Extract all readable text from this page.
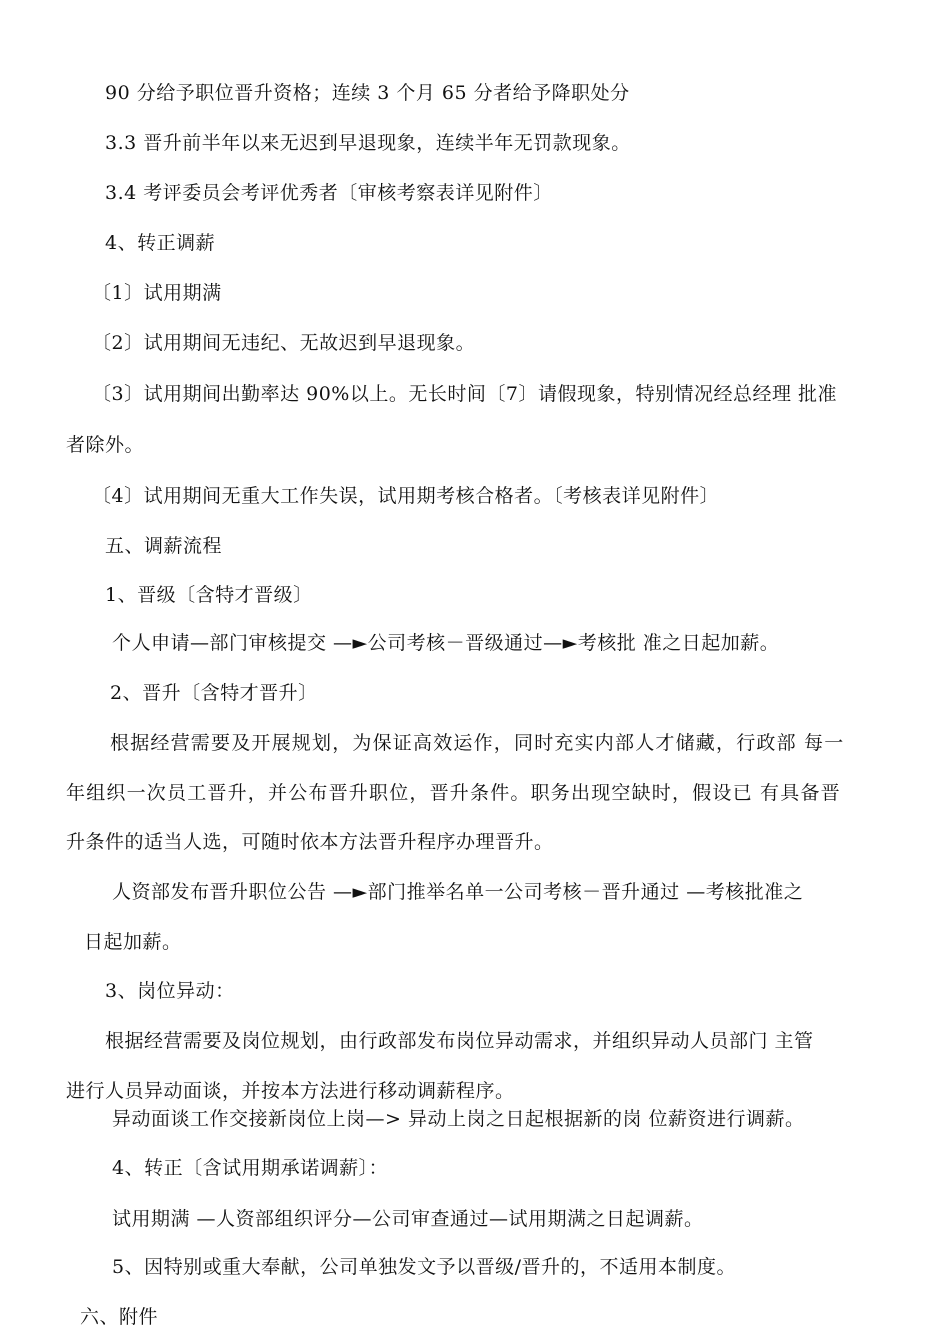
90 分给予职位晋升资格；连续 3 个月 65 分者给予降职处分
3.3 晋升前半年以来无迟到早退现象，连续半年无罚款现象。
3.4 考评委员会考评优秀者〔审核考察表详见附件〕
4、转正调薪
〔1〕试用期满
〔2〕试用期间无违纪、无故迟到早退现象。
〔3〕试用期间出勤率达 90%以上。无长时间〔7〕请假现象，特别情况经总经理 批准
者除外。
〔4〕试用期间无重大工作失误，试用期考核合格者。〔考核表详见附件〕
五、调薪流程
1、晋级〔含特才晋级〕
个人申请—部门审核提交 —►公司考核－晋级通过—►考核批 准之日起加薪。
2、晋升〔含特才晋升〕
根据经营需要及开展规划，为保证高效运作，同时充实内部人才储藏，行政部 每一
年组织一次员工晋升，并公布晋升职位，晋升条件。职务出现空缺时，假设已 有具备晋
升条件的适当人选，可随时依本方法晋升程序办理晋升。
人资部发布晋升职位公告 —►部门推举名单一公司考核－晋升通过 —考核批准之
日起加薪。
3、岗位异动：
根据经营需要及岗位规划，由行政部发布岗位异动需求，并组织异动人员部门 主管
进行人员异动面谈，并按本方法进行移动调薪程序。
异动面谈工作交接新岗位上岗—> 异动上岗之日起根据新的岗 位薪资进行调薪。
4、转正〔含试用期承诺调薪〕：
试用期满 —人资部组织评分—公司审查通过—试用期满之日起调薪。
5、因特别或重大奉献，公司单独发文予以晋级/晋升的，不适用本制度。
六、附件
